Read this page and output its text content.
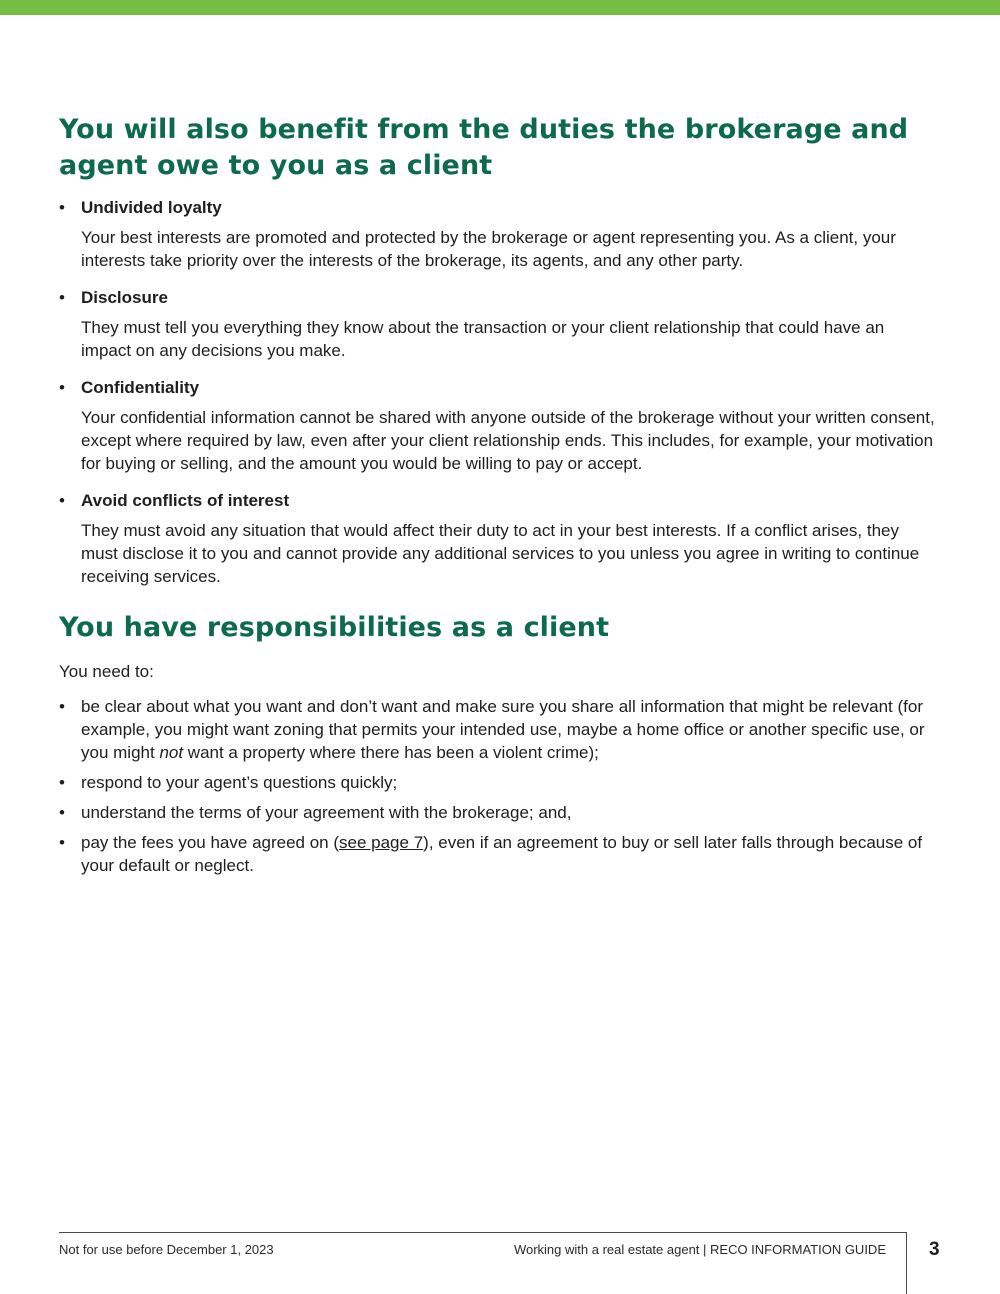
You will also benefit from the duties the brokerage and agent owe to you as a client
• Undivided loyalty
Your best interests are promoted and protected by the brokerage or agent representing you. As a client, your interests take priority over the interests of the brokerage, its agents, and any other party.
• Disclosure
They must tell you everything they know about the transaction or your client relationship that could have an impact on any decisions you make.
• Confidentiality
Your confidential information cannot be shared with anyone outside of the brokerage without your written consent, except where required by law, even after your client relationship ends. This includes, for example, your motivation for buying or selling, and the amount you would be willing to pay or accept.
• Avoid conflicts of interest
They must avoid any situation that would affect their duty to act in your best interests. If a conflict arises, they must disclose it to you and cannot provide any additional services to you unless you agree in writing to continue receiving services.
You have responsibilities as a client

You need to:

• be clear about what you want and don’t want and make sure you share all information that might be relevant (for example, you might want zoning that permits your intended use, maybe a home office or another specific use, or you might not want a property where there has been a violent crime);
• respond to your agent’s questions quickly;
• understand the terms of your agreement with the brokerage; and,
• pay the fees you have agreed on (see page 7), even if an agreement to buy or sell later falls through because of your default or neglect.
Not for use before December 1, 2023	Working with a real estate agent | RECO INFORMATION GUIDE 3
